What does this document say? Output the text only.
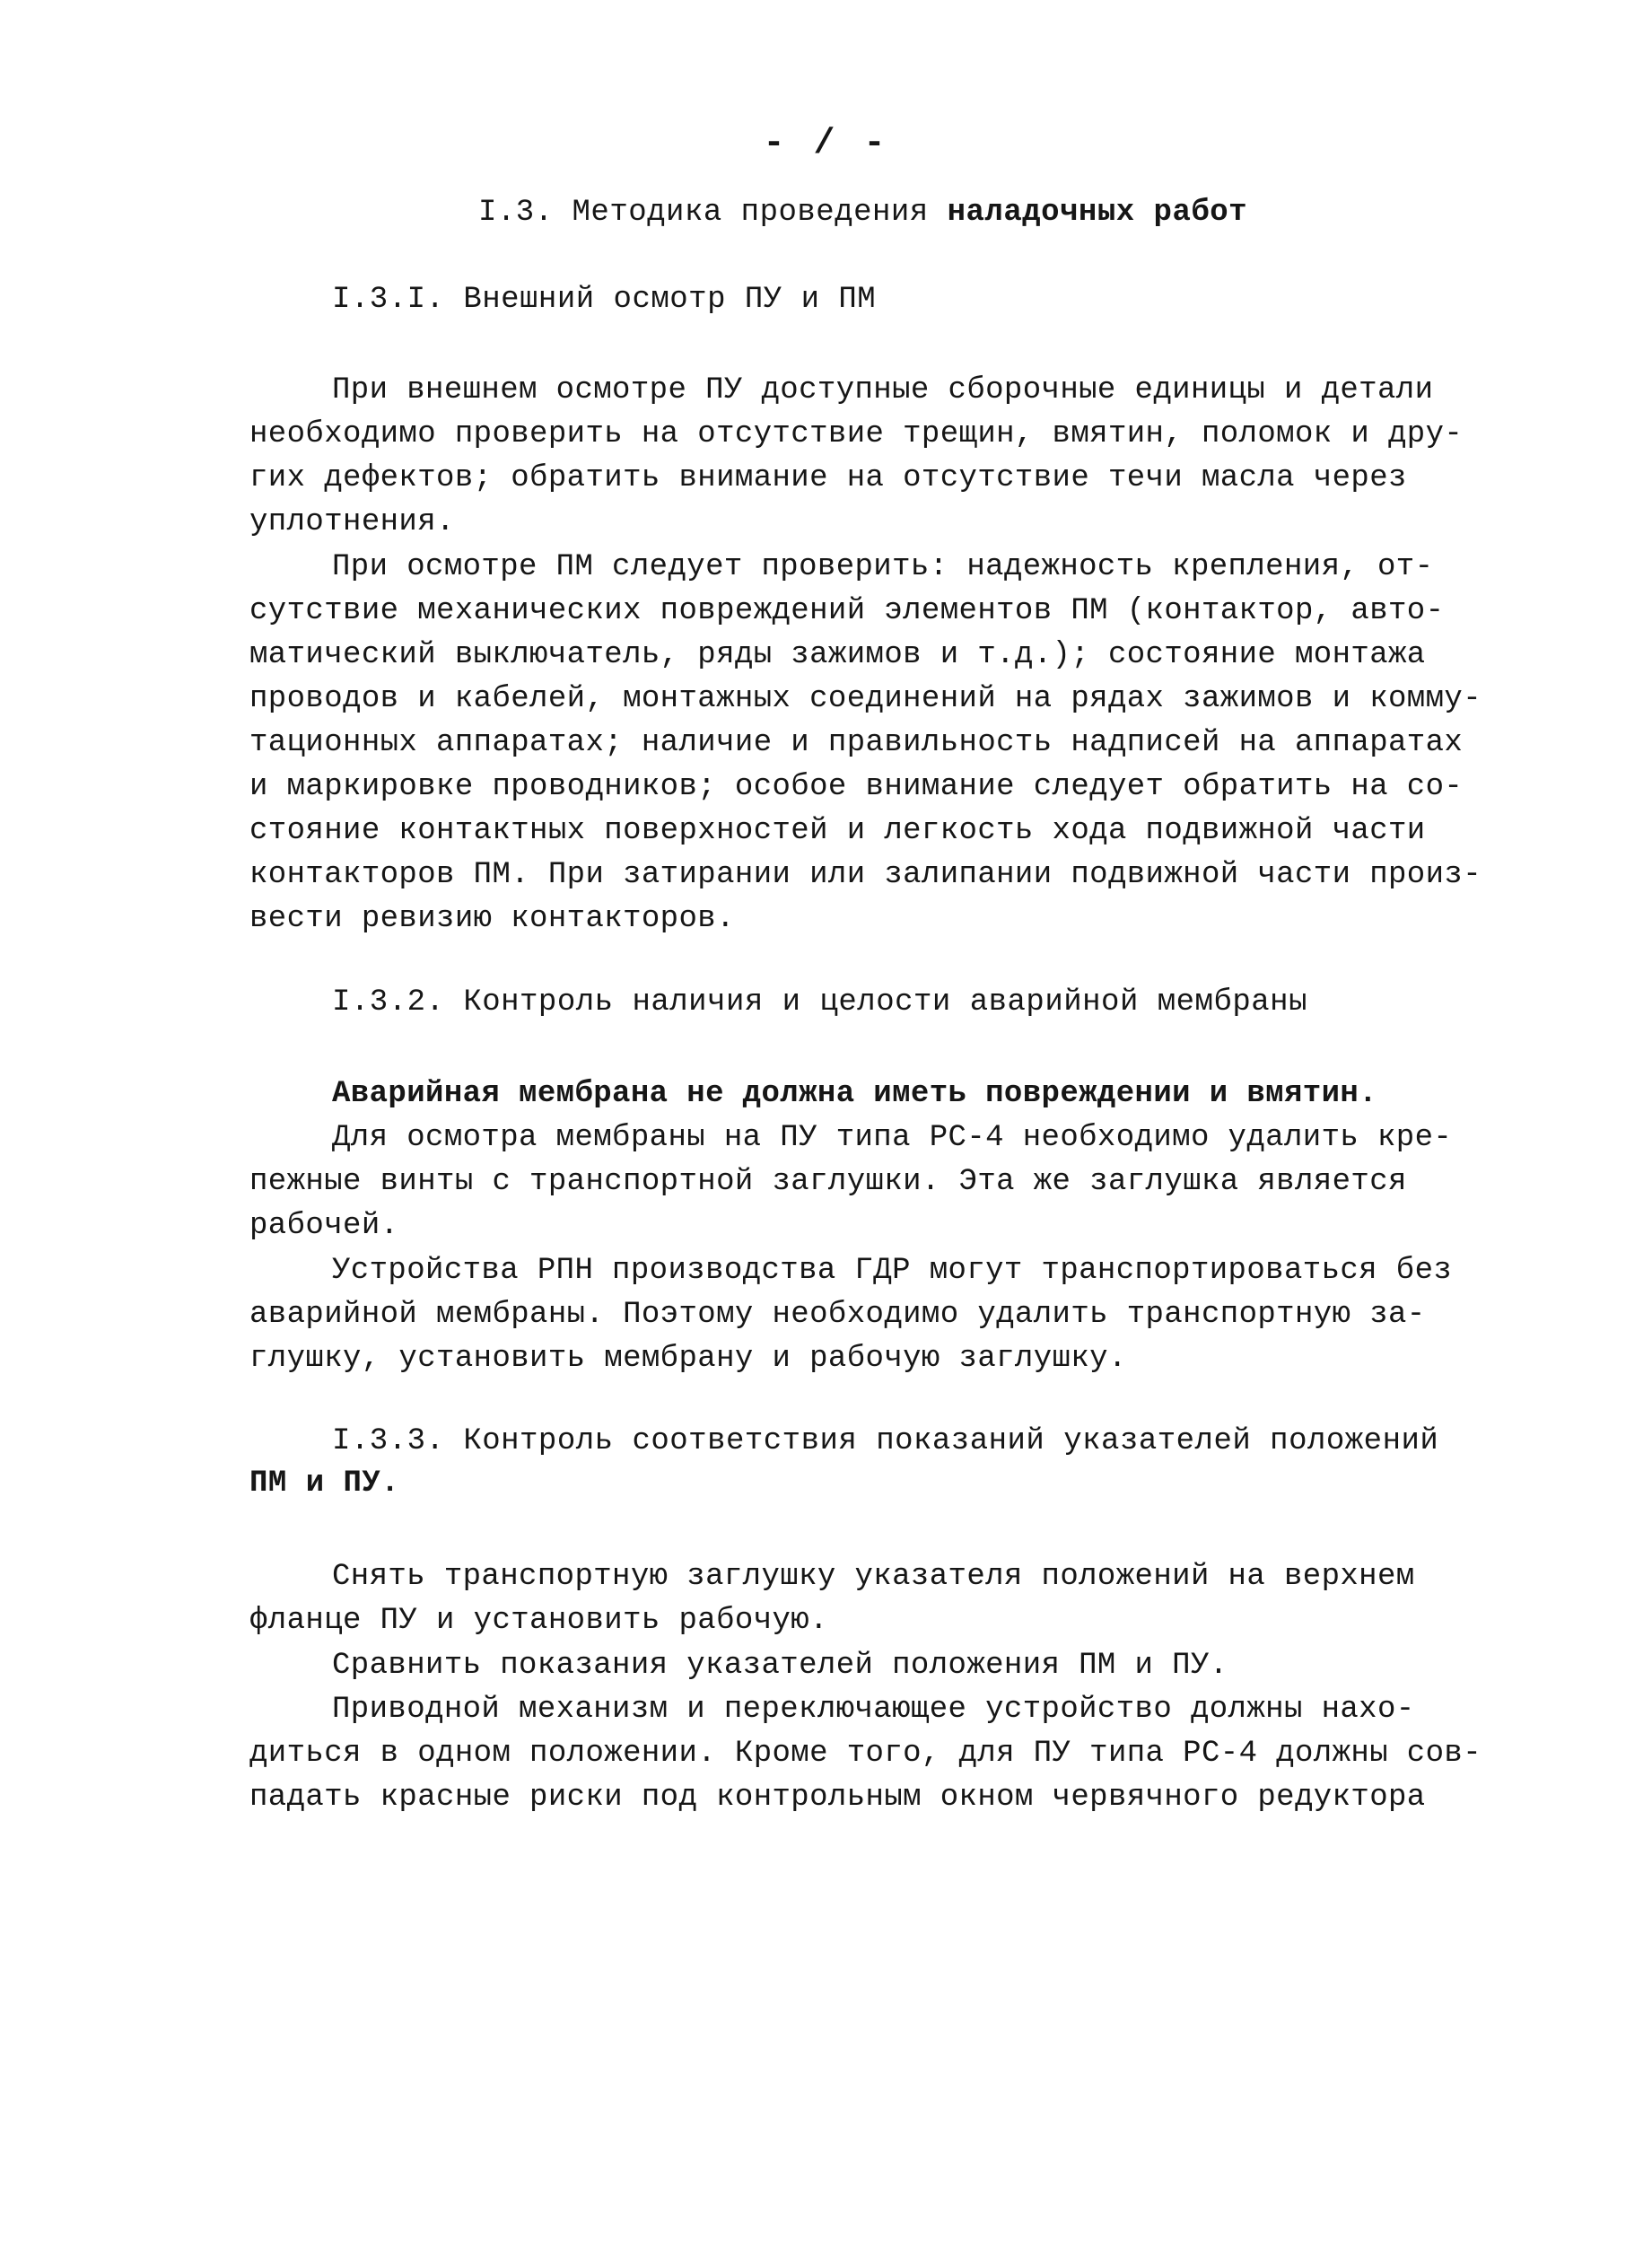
- / -
I.3. Методика проведения наладочных работ
I.3.I. Внешний осмотр ПУ и ПМ

При внешнем осмотре ПУ доступные сборочные единицы и детали
необходимо проверить на отсутствие трещин, вмятин, поломок и дру-
гих дефектов; обратить внимание на отсутствие течи масла через
уплотнения.

При осмотре ПМ следует проверить: надежность крепления, от-
сутствие механических повреждений элементов ПМ (контактор, авто-
матический выключатель, ряды зажимов и т.д.); состояние монтажа
проводов и кабелей, монтажных соединений на рядах зажимов и комму-
тационных аппаратах; наличие и правильность надписей на аппаратах
и маркировке проводников; особое внимание следует обратить на со-
стояние контактных поверхностей и легкость хода подвижной части
контакторов ПМ. При затирании или залипании подвижной части произ-
вести ревизию контакторов.

I.3.2. Контроль наличия и целости аварийной мембраны

Аварийная мембрана не должна иметь повреждении и вмятин.

Для осмотра мембраны на ПУ типа РС-4 необходимо удалить кре-
пежные винты с транспортной заглушки. Эта же заглушка является
рабочей.

Устройства РПН производства ГДР могут транспортироваться без
аварийной мембраны. Поэтому необходимо удалить транспортную за-
глушку, установить мембрану и рабочую заглушку.

I.3.3. Контроль соответствия показаний указателей положений
ПМ и ПУ.

Снять транспортную заглушку указателя положений на верхнем
фланце ПУ и установить рабочую.

Сравнить показания указателей положения ПМ и ПУ.

Приводной механизм и переключающее устройство должны нахо-
диться в одном положении. Кроме того, для ПУ типа РС-4 должны сов-
падать красные риски под контрольным окном червячного редуктора
